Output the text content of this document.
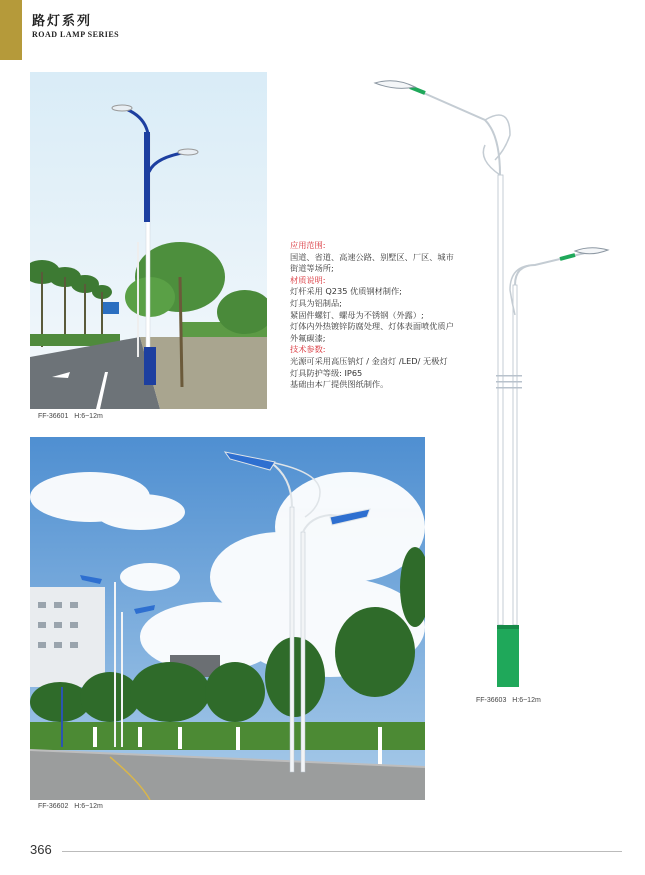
路灯系列
ROAD LAMP SERIES
FF-36601 H:6~12m
应用范围:
国道、省道、高速公路、别墅区、厂区、城市
街道等场所;
材质说明:
灯杆采用 Q235 优质钢材制作;
灯具为铝制品;
紧固件螺钉、螺母为不锈钢（外露）;
灯体内外热镀锌防腐处理、灯体表面喷优质户
外氟碳漆;
技术参数:
光源可采用高压钠灯 / 金卤灯 /LED/ 无极灯
灯具防护等级: IP65
基础由本厂提供图纸制作。
FF-36603 H:6~12m
FF-36602 H:6~12m
366
